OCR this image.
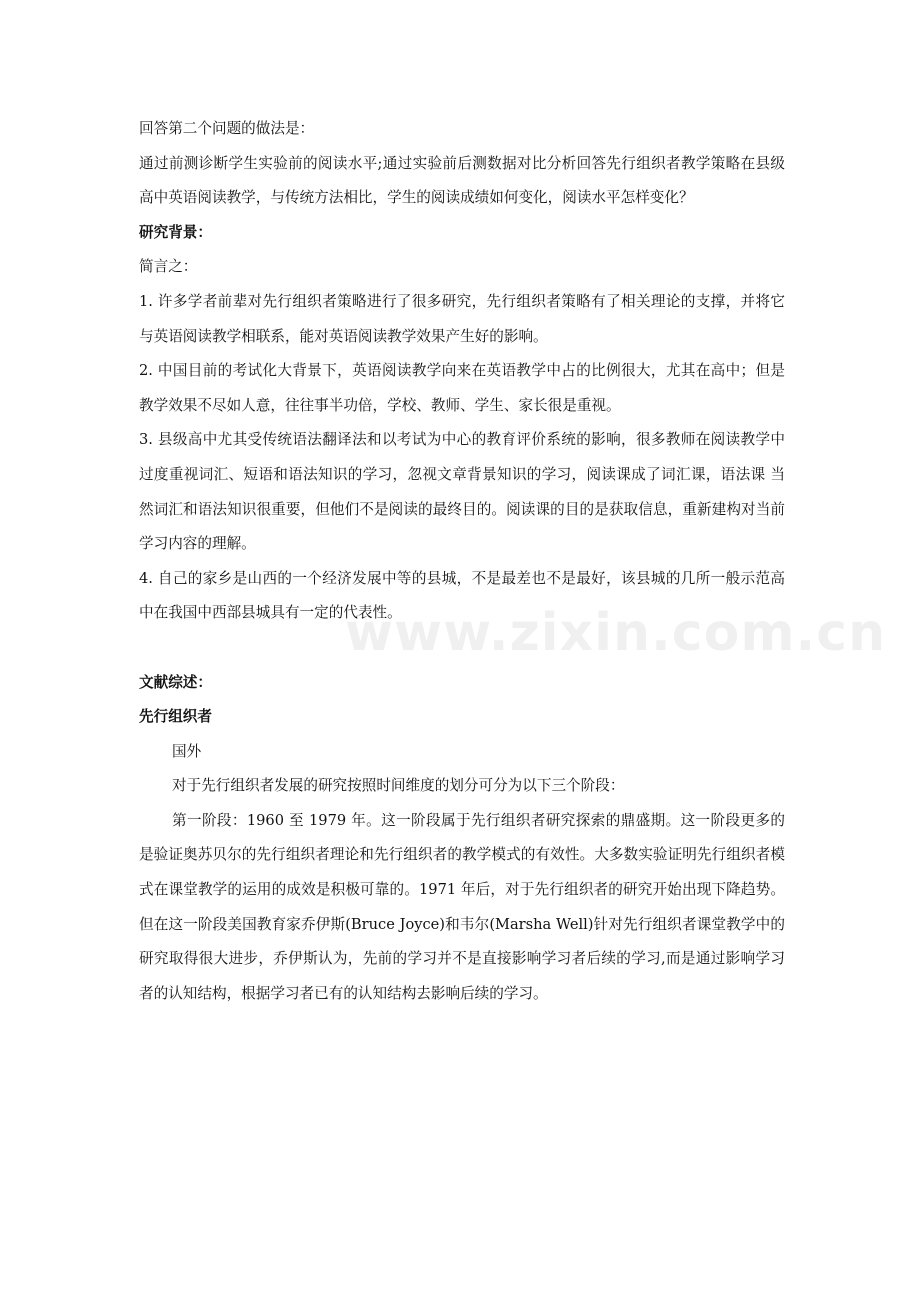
www.zixin.com.cn

回答第二个问题的做法是：

通过前测诊断学生实验前的阅读水平;通过实验前后测数据对比分析回答先行组织者教学策略在县级高中英语阅读教学，与传统方法相比，学生的阅读成绩如何变化，阅读水平怎样变化？

研究背景：

简言之：

1. 许多学者前辈对先行组织者策略进行了很多研究，先行组织者策略有了相关理论的支撑，并将它与英语阅读教学相联系，能对英语阅读教学效果产生好的影响。

2. 中国目前的考试化大背景下，英语阅读教学向来在英语教学中占的比例很大，尤其在高中；但是教学效果不尽如人意，往往事半功倍，学校、教师、学生、家长很是重视。

3. 县级高中尤其受传统语法翻译法和以考试为中心的教育评价系统的影响，很多教师在阅读教学中过度重视词汇、短语和语法知识的学习，忽视文章背景知识的学习，阅读课成了词汇课，语法课 当然词汇和语法知识很重要，但他们不是阅读的最终目的。阅读课的目的是获取信息，重新建构对当前学习内容的理解。

4. 自己的家乡是山西的一个经济发展中等的县城，不是最差也不是最好，该县城的几所一般示范高中在我国中西部县城具有一定的代表性。

文献综述：

先行组织者

国外

对于先行组织者发展的研究按照时间维度的划分可分为以下三个阶段：

第一阶段：1960 至 1979 年。这一阶段属于先行组织者研究探索的鼎盛期。这一阶段更多的是验证奥苏贝尔的先行组织者理论和先行组织者的教学模式的有效性。大多数实验证明先行组织者模式在课堂教学的运用的成效是积极可靠的。1971 年后，对于先行组织者的研究开始出现下降趋势。但在这一阶段美国教育家乔伊斯(Bruce Joyce)和韦尔(Marsha Well)针对先行组织者课堂教学中的研究取得很大进步，乔伊斯认为，先前的学习并不是直接影响学习者后续的学习,而是通过影响学习者的认知结构，根据学习者已有的认知结构去影响后续的学习。
